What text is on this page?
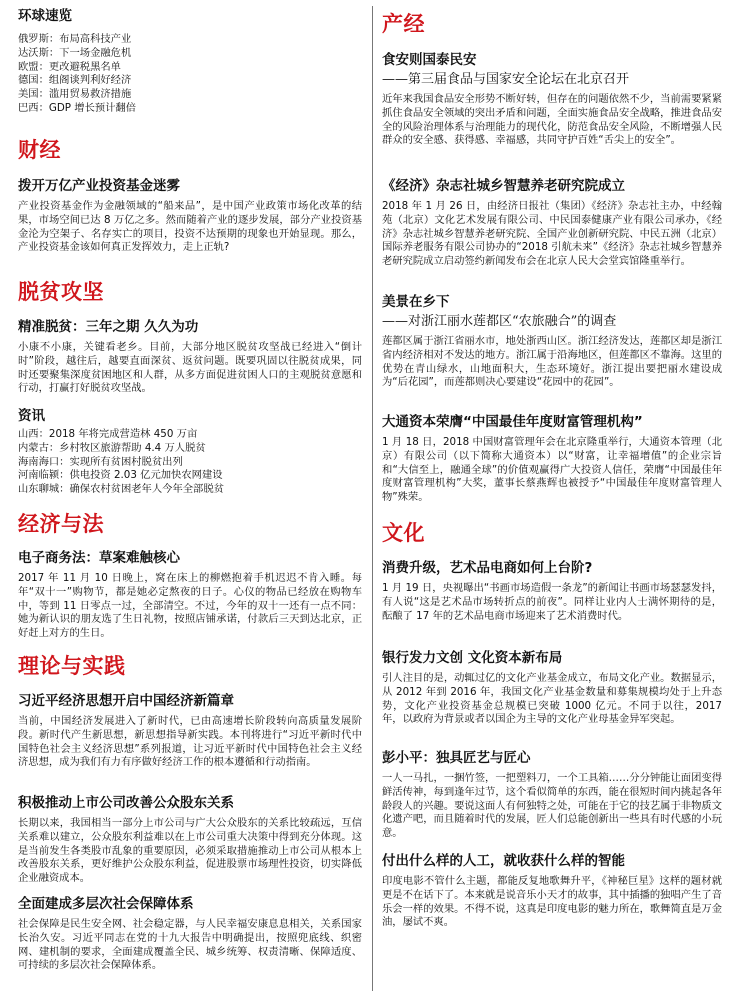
环球速览
俄罗斯：布局高科技产业
达沃斯：下一场金融危机
欧盟：更改避税黑名单
德国：组阁谈判利好经济
美国：滥用贸易救济措施
巴西：GDP 增长预计翻倍
财经
拨开万亿产业投资基金迷雾
产业投资基金作为金融领域的“船来品”，是中国产业政策市场化改革的结果，市场空间已达 8 万亿之多。然而随着产业的逐步发展，部分产业投资基金沦为空架子、名存实亡的项目，投资不达预期的现象也开始显现。那么，产业投资基金该如何真正发挥效力，走上正轨?
脱贫攻坚
精准脱贫：三年之期 久久为功
小康不小康，关键看老乡。目前，大部分地区脱贫攻坚战已经进入“倒计时”阶段，越往后，越要直面深贫、返贫问题。既要巩固以往脱贫成果，同时还要聚集深度贫困地区和人群，从多方面促进贫困人口的主观脱贫意愿和行动，打赢打好脱贫攻坚战。
资讯
山西：2018 年将完成营造林 450 万亩
内蒙古：乡村牧区旅游帮助 4.4 万人脱贫
海南海口：实现所有贫困村脱贫出列
河南临颍：供电投资 2.03 亿元加快农网建设
山东聊城：确保农村贫困老年人今年全部脱贫
经济与法
电子商务法：草案难触核心
2017 年 11 月 10 日晚上，窝在床上的柳燃抱着手机迟迟不肯入睡。每年“双十一”购物节，都是她必定熬夜的日子。心仪的物品已经放在购物车中，等到 11 日零点一过，全部清空。不过，今年的双十一还有一点不同：她为新认识的朋友选了生日礼物，按照店铺承诺，付款后三天到达北京，正好赶上对方的生日。
理论与实践
习近平经济思想开启中国经济新篇章
当前，中国经济发展进入了新时代，已由高速增长阶段转向高质量发展阶段。新时代产生新思想，新思想指导新实践。本刊将进行“习近平新时代中国特色社会主义经济思想”系列报道，让习近平新时代中国特色社会主义经济思想，成为我们有力有序做好经济工作的根本遵循和行动指南。
积极推动上市公司改善公众股东关系
长期以来，我国相当一部分上市公司与广大公众股东的关系比较疏远，互信关系难以建立，公众股东利益难以在上市公司重大决策中得到充分体现。这是当前发生各类股市乱象的重要原因，必须采取措施推动上市公司从根本上改善股东关系，更好维护公众股东利益，促进股票市场理性投资，切实降低企业融资成本。
全面建成多层次社会保障体系
社会保障是民生安全网、社会稳定器，与人民幸福安康息息相关，关系国家长治久安。习近平同志在党的十九大报告中明确提出，按照兜底线、织密网、建机制的要求，全面建成覆盖全民、城乡统筹、权责清晰、保障适度、可持续的多层次社会保障体系。
产经
食安则国泰民安
——第三届食品与国家安全论坛在北京召开
近年来我国食品安全形势不断好转，但存在的问题依然不少，当前需要紧紧抓住食品安全领域的突出矛盾和问题，全面实施食品安全战略，推进食品安全的风险治理体系与治理能力的现代化，防范食品安全风险，不断增强人民群众的安全感、获得感、幸福感，共同守护百姓“舌尖上的安全”。
《经济》杂志社城乡智慧养老研究院成立
2018 年 1 月 26 日，由经济日报社（集团）《经济》杂志社主办，中经翰苑（北京）文化艺术发展有限公司、中民国泰健康产业有限公司承办，《经济》杂志社城乡智慧养老研究院、全国产业创新研究院、中民五洲（北京）国际养老服务有限公司协办的“2018 引航未来”《经济》杂志社城乡智慧养老研究院成立启动签约新闻发布会在北京人民大会堂宾馆隆重举行。
美景在乡下
——对浙江丽水莲都区“农旅融合”的调查
莲都区属于浙江省丽水市，地处浙西山区。浙江经济发达，莲都区却是浙江省内经济相对不发达的地方。浙江属于沿海地区，但莲都区不靠海。这里的优势在青山绿水，山地面积大，生态环境好。浙江提出要把丽水建设成为“后花园”，而莲都则决心要建设“花园中的花园”。
大通资本荣膺“中国最佳年度财富管理机构”
1 月 18 日，2018 中国财富管理年会在北京隆重举行，大通资本管理（北京）有限公司（以下简称大通资本）以“财富，让幸福增值”的企业宗旨和“大信至上，融通全球”的价值观赢得广大投资人信任，荣膺“中国最佳年度财富管理机构”大奖，董事长蔡燕辉也被授予“中国最佳年度财富管理人物”殊荣。
文化
消费升级，艺术品电商如何上台阶?
1 月 19 日，央视曝出“书画市场造假一条龙”的新闻让书画市场瑟瑟发抖，有人说“这是艺术品市场转折点的前夜”。同样让业内人士满怀期待的是，酝酿了 17 年的艺术品电商市场迎来了艺术消费时代。
银行发力文创 文化资本新布局
引人注目的是，动辄过亿的文化产业基金成立，布局文化产业。数据显示，从 2012 年到 2016 年，我国文化产业基金数量和募集规模均处于上升态势，文化产业投资基金总规模已突破 1000 亿元。不同于以往，2017 年，以政府为背景或者以国企为主导的文化产业母基金异军突起。
彭小平：独具匠艺与匠心
一人一马扎，一捆竹签，一把塑料刀，一个工具箱……分分钟能让面团变得鲜活传神，每到逢年过节，这个看似简单的东西，能在很短时间内挑起各年龄段人的兴趣。要说这面人有何独特之处，可能在于它的技艺属于非物质文化遗产吧，而且随着时代的发展，匠人们总能创新出一些具有时代感的小玩意。
付出什么样的人工，就收获什么样的智能
印度电影不管什么主题，都能反复地歌舞升平，《神秘巨星》这样的题材就更是不在话下了。本来就是说音乐小天才的故事，其中插播的独唱产生了音乐会一样的效果。不得不说，这真是印度电影的魅力所在，歌舞简直是万金油，屡试不爽。
